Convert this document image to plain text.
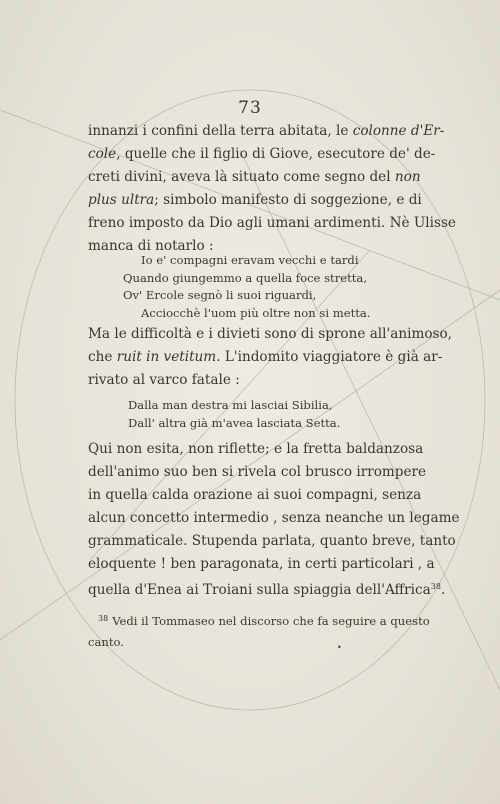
73
innanzi i confini della terra abitata, le colonne d'Er-
cole, quelle che il figlio di Giove, esecutore de' de-
creti divini, aveva là situato come segno del non
plus ultra; simbolo manifesto di soggezione, e di
freno imposto da Dio agli umani ardimenti. Nè Ulisse
manca di notarlo :
Io e' compagni eravam vecchi e tardi
Quando giungemmo a quella foce stretta,
Ov' Ercole segnò li suoi riguardi,
Acciocchè l'uom più oltre non si metta.
Ma le difficoltà e i divieti sono di sprone all'animoso,
che ruit in vetitum. L'indomito viaggiatore è già ar-
rivato al varco fatale :
Dalla man destra mi lasciai Sibilia,
Dall' altra già m'avea lasciata Setta.
Qui non esita, non riflette; e la fretta baldanzosa
dell'animo suo ben si rivela col brusco irrompere
in quella calda orazione ai suoi compagni, senza
alcun concetto intermedio , senza neanche un legame
grammaticale. Stupenda parlata, quanto breve, tanto
eloquente ! ben paragonata, in certi particolari , a
quella d'Enea ai Troiani sulla spiaggia dell'Affrica$^{38}$.
$^{38}$ Vedi il Tommaseo nel discorso che fa seguire a questo
canto.	•
